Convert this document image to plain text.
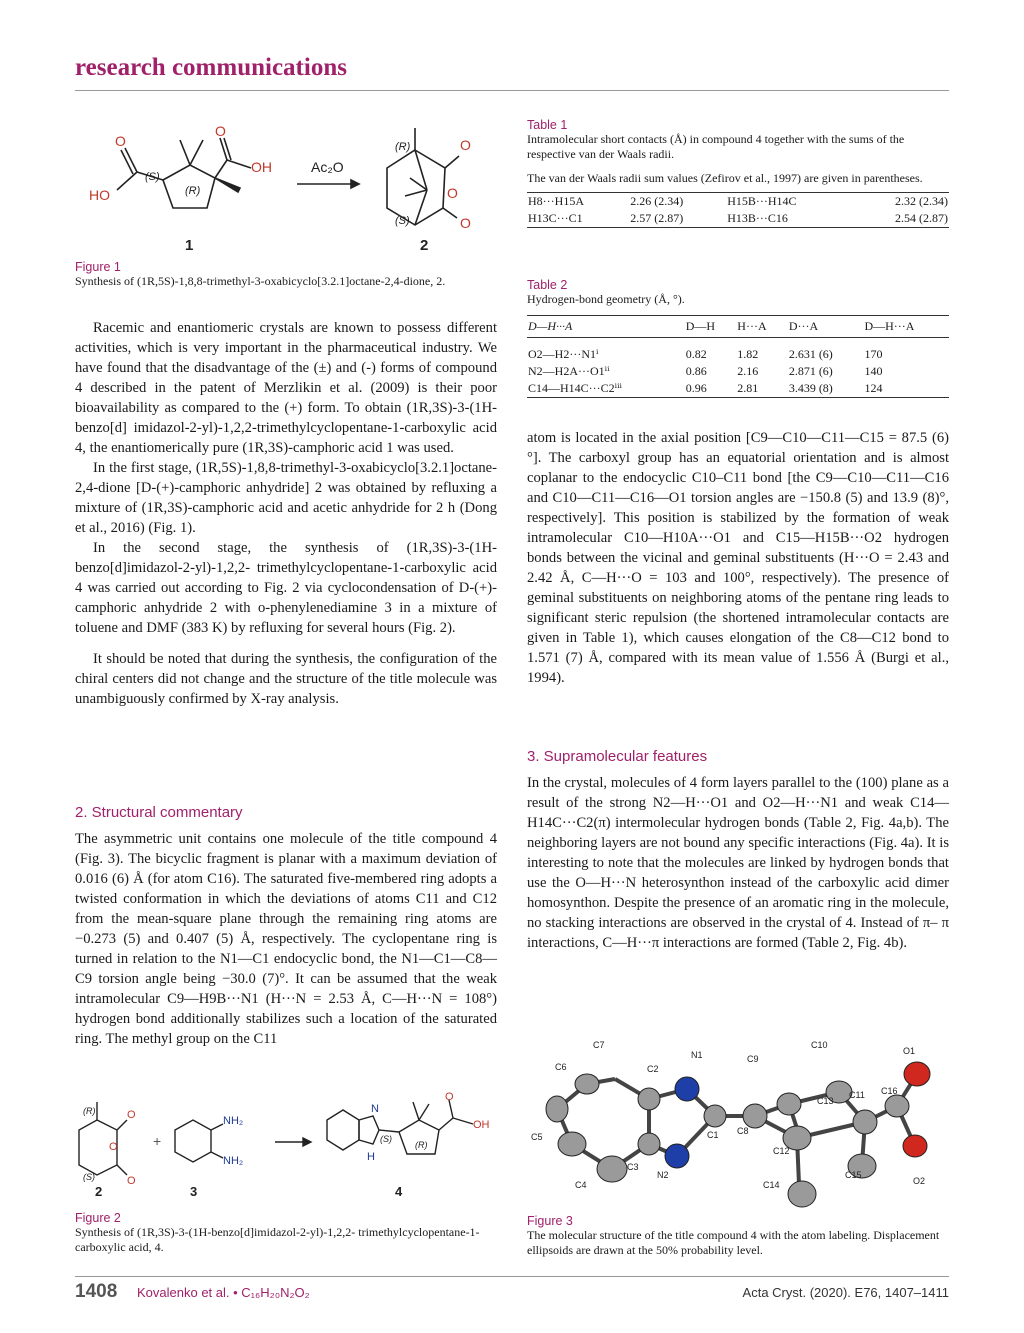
research communications
O
O
HO
OH
O
O
O
(S)
(R)
(R)
(S)
Ac₂O
1	2
Figure 1
Synthesis of (1R,5S)-1,8,8-trimethyl-3-oxabicyclo[3.2.1]octane-2,4-dione, 2.

Racemic and enantiomeric crystals are known to possess different activities, which is very important in the pharmaceutical industry. We have found that the disadvantage of the (±) and (-) forms of compound 4 described in the patent of Merzlikin et al. (2009) is their poor bioavailability as compared to the (+) form. To obtain (1R,3S)-3-(1H-benzo[d] imidazol-2-yl)-1,2,2-trimethylcyclopentane-1-carboxylic acid 4, the enantiomerically pure (1R,3S)-camphoric acid 1 was used.

In the first stage, (1R,5S)-1,8,8-trimethyl-3-oxabicyclo[3.2.1]octane-2,4-dione [D-(+)-camphoric anhydride] 2 was obtained by refluxing a mixture of (1R,3S)-camphoric acid and acetic anhydride for 2 h (Dong et al., 2016) (Fig. 1).

In the second stage, the synthesis of (1R,3S)-3-(1H-benzo[d]imidazol-2-yl)-1,2,2- trimethylcyclopentane-1-carboxylic acid 4 was carried out according to Fig. 2 via cyclocondensation of D-(+)-camphoric anhydride 2 with o-phenylenediamine 3 in a mixture of toluene and DMF (383 K) by refluxing for several hours (Fig. 2).

It should be noted that during the synthesis, the configuration of the chiral centers did not change and the structure of the title molecule was unambiguously confirmed by X-ray analysis.

2. Structural commentary

The asymmetric unit contains one molecule of the title compound 4 (Fig. 3). The bicyclic fragment is planar with a maximum deviation of 0.016 (6) Å (for atom C16). The saturated five-membered ring adopts a twisted conformation in which the deviations of atoms C11 and C12 from the mean-square plane through the remaining ring atoms are −0.273 (5) and 0.407 (5) Å, respectively. The cyclopentane ring is turned in relation to the N1—C1 endocyclic bond, the N1—C1—C8—C9 torsion angle being −30.0 (7)°. It can be assumed that the weak intramolecular C9—H9B···N1 (H···N = 2.53 Å, C—H···N = 108°) hydrogen bond additionally stabilizes such a location of the saturated ring. The methyl group on the C11

O
O
O
O
OH
NH₂
NH₂
N
H
(R)
(S)
(S)
(R)
+
2	3	4
Figure 2
Synthesis of (1R,3S)-3-(1H-benzo[d]imidazol-2-yl)-1,2,2- trimethylcyclopentane-1-carboxylic acid, 4.

Table 1

Intramolecular short contacts (Å) in compound 4 together with the sums of the respective van der Waals radii.
The van der Waals radii sum values (Zefirov et al., 1997) are given in parentheses.
H8···H15A	2.26 (2.34)	H15B···H14C	2.32 (2.34)
H13C···C1	2.57 (2.87)	H13B···C16	2.54 (2.87)

Table 2

Hydrogen-bond geometry (Å, °).
D—H···A	D—H	H···A	D···A	D—H···A

O2—H2···N1ⁱ	0.82	1.82	2.631 (6)	170
N2—H2A···O1ⁱⁱ	0.86	2.16	2.871 (6)	140
C14—H14C···C2ⁱⁱⁱ	0.96	2.81	3.439 (8)	124

atom is located in the axial position [C9—C10—C11—C15 = 87.5 (6)°]. The carboxyl group has an equatorial orientation and is almost coplanar to the endocyclic C10–C11 bond [the C9—C10—C11—C16 and C10—C11—C16—O1 torsion angles are −150.8 (5) and 13.9 (8)°, respectively]. This position is stabilized by the formation of weak intramolecular C10—H10A···O1 and C15—H15B···O2 hydrogen bonds between the vicinal and geminal substituents (H···O = 2.43 and 2.42 Å, C—H···O = 103 and 100°, respectively). The presence of geminal substituents on neighboring atoms of the pentane ring leads to significant steric repulsion (the shortened intramolecular contacts are given in Table 1), which causes elongation of the C8—C12 bond to 1.571 (7) Å, compared with its mean value of 1.556 Å (Burgi et al., 1994).

3. Supramolecular features

In the crystal, molecules of 4 form layers parallel to the (100) plane as a result of the strong N2—H···O1 and O2—H···N1 and weak C14—H14C···C2(π) intermolecular hydrogen bonds (Table 2, Fig. 4a,b). The neighboring layers are not bound any specific interactions (Fig. 4a). It is interesting to note that the molecules are linked by hydrogen bonds that use the O—H···N heterosynthon instead of the carboxylic acid dimer homosynthon. Despite the presence of an aromatic ring in the molecule, no stacking interactions are observed in the crystal of 4. Instead of π– π interactions, C—H···π interactions are formed (Table 2, Fig. 4b).

C7
N1	C9
C10
O1
C6	C2
C13
C11 C16
C5	C1 C8
C12
C3
N2	C15
O2
C4	C14
Figure 3
The molecular structure of the title compound 4 with the atom labeling. Displacement ellipsoids are drawn at the 50% probability level.
1408 Kovalenko et al. • C₁₆H₂₀N₂O₂	Acta Cryst. (2020). E76, 1407–1411
